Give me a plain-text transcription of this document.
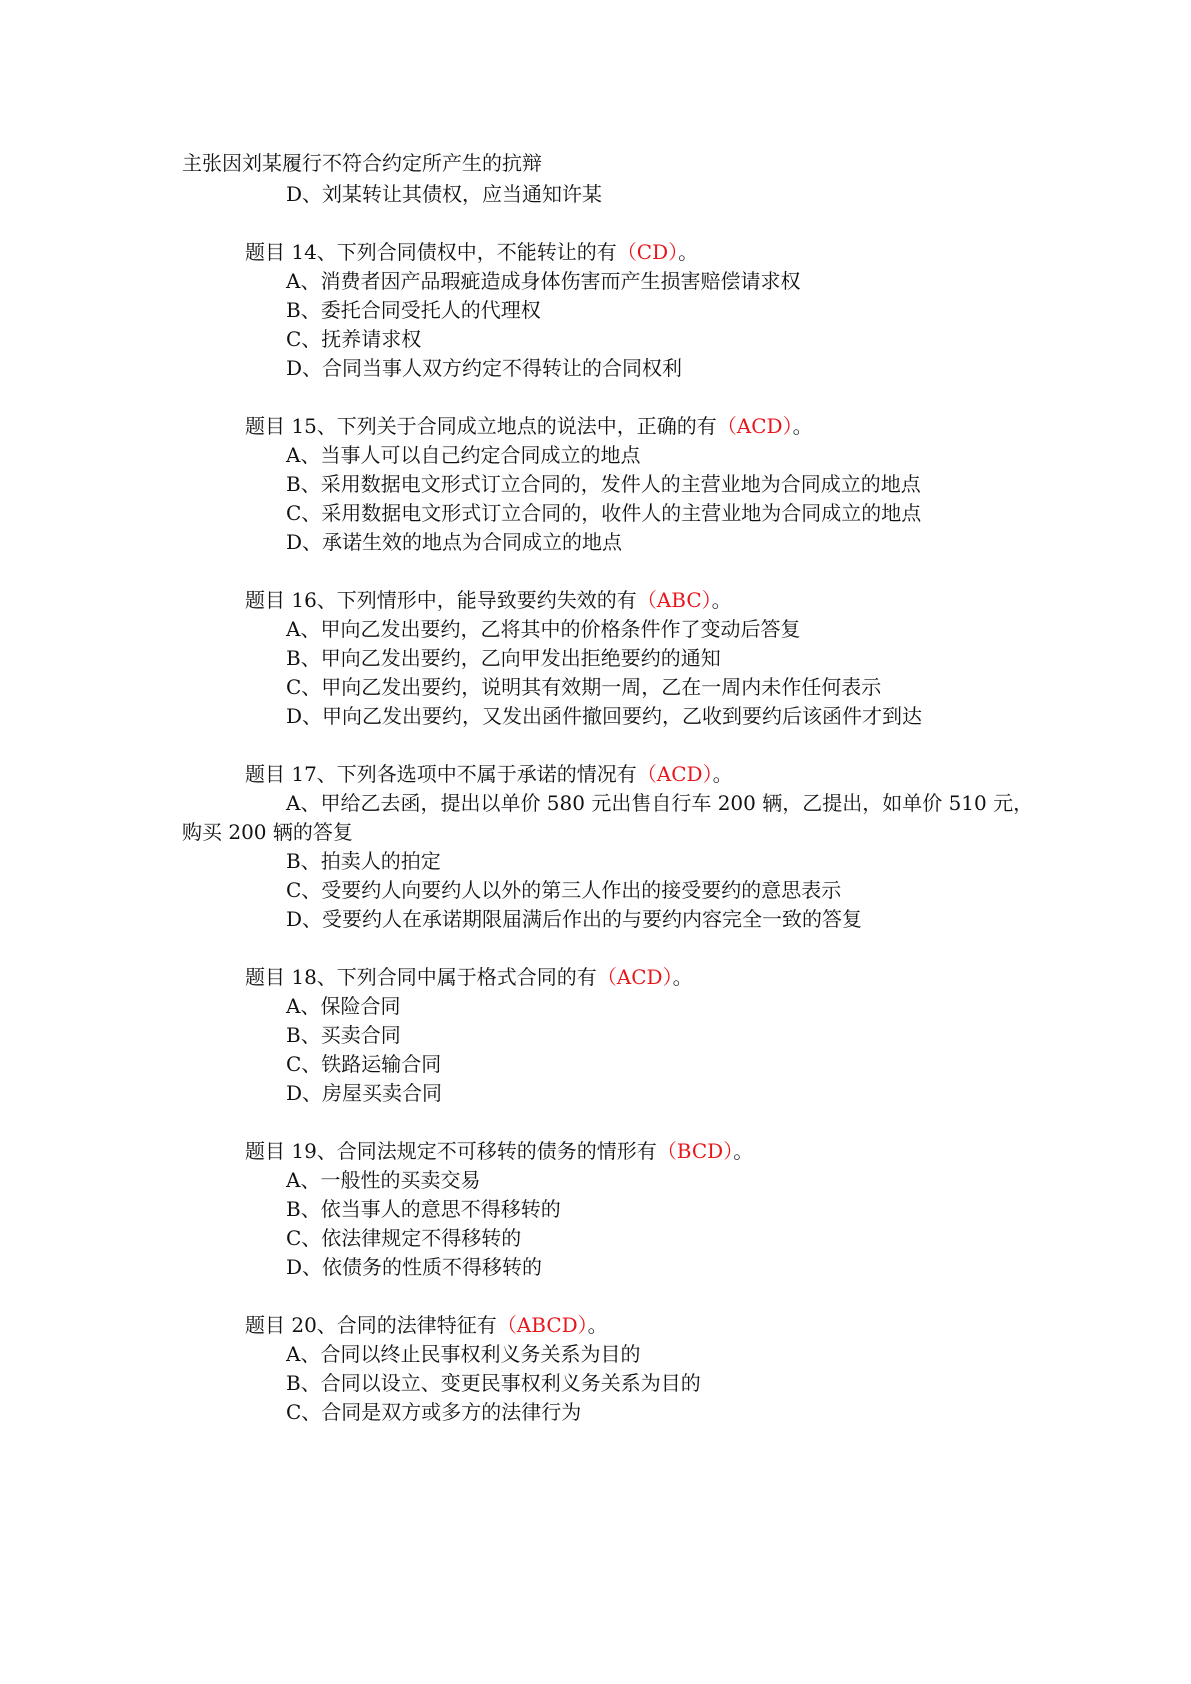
主张因刘某履行不符合约定所产生的抗辩
D、刘某转让其债权，应当通知许某
题目 14、下列合同债权中，不能转让的有（CD）。
A、消费者因产品瑕疵造成身体伤害而产生损害赔偿请求权
B、委托合同受托人的代理权
C、抚养请求权
D、合同当事人双方约定不得转让的合同权利
题目 15、下列关于合同成立地点的说法中，正确的有（ACD）。
A、当事人可以自己约定合同成立的地点
B、采用数据电文形式订立合同的，发件人的主营业地为合同成立的地点
C、采用数据电文形式订立合同的，收件人的主营业地为合同成立的地点
D、承诺生效的地点为合同成立的地点
题目 16、下列情形中，能导致要约失效的有（ABC）。
A、甲向乙发出要约，乙将其中的价格条件作了变动后答复
B、甲向乙发出要约，乙向甲发出拒绝要约的通知
C、甲向乙发出要约，说明其有效期一周，乙在一周内未作任何表示
D、甲向乙发出要约，又发出函件撤回要约，乙收到要约后该函件才到达
题目 17、下列各选项中不属于承诺的情况有（ACD）。
A、甲给乙去函，提出以单价 580 元出售自行车 200 辆，乙提出，如单价 510 元，
购买 200 辆的答复
B、拍卖人的拍定
C、受要约人向要约人以外的第三人作出的接受要约的意思表示
D、受要约人在承诺期限届满后作出的与要约内容完全一致的答复
题目 18、下列合同中属于格式合同的有（ACD）。
A、保险合同
B、买卖合同
C、铁路运输合同
D、房屋买卖合同
题目 19、合同法规定不可移转的债务的情形有（BCD）。
A、一般性的买卖交易
B、依当事人的意思不得移转的
C、依法律规定不得移转的
D、依债务的性质不得移转的
题目 20、合同的法律特征有（ABCD）。
A、合同以终止民事权利义务关系为目的
B、合同以设立、变更民事权利义务关系为目的
C、合同是双方或多方的法律行为
